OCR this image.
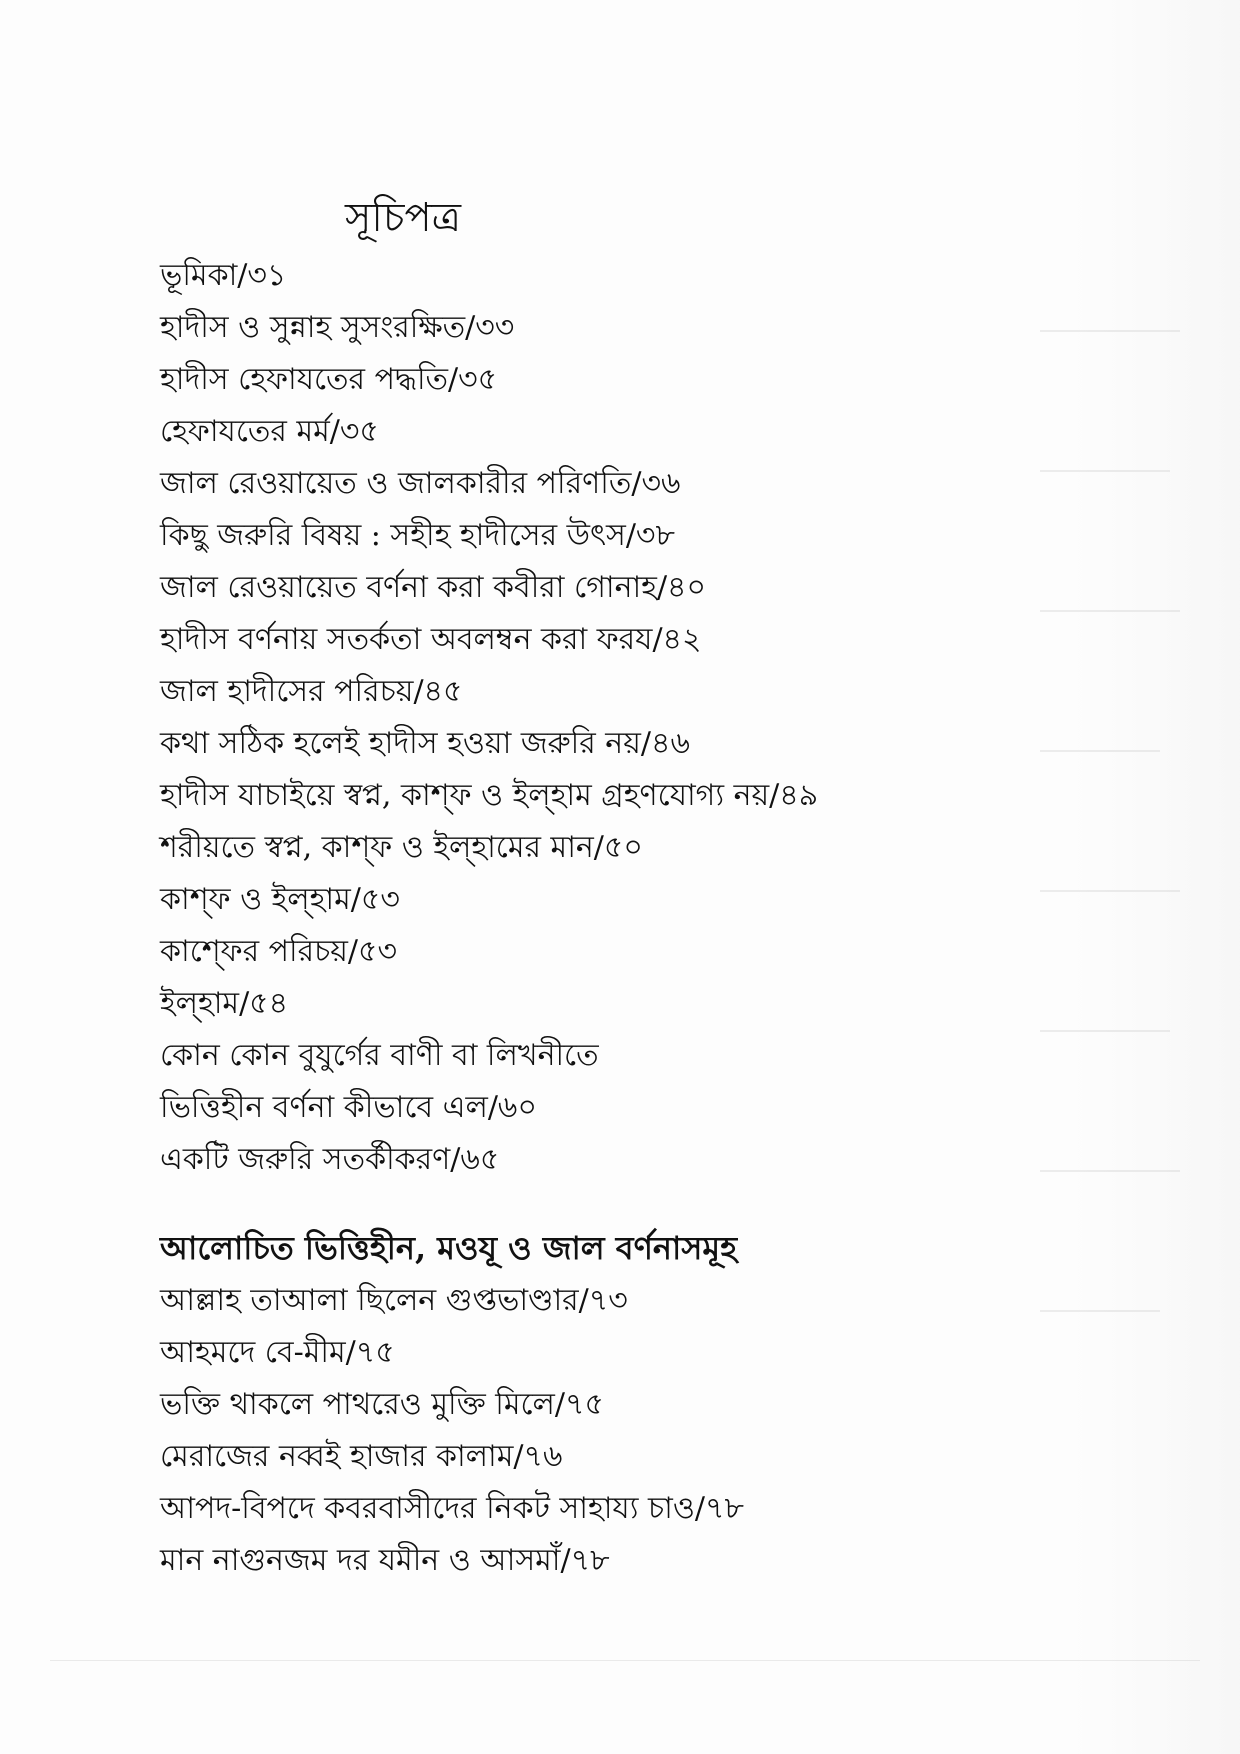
সূচিপত্র
ভূমিকা/৩১
হাদীস ও সুন্নাহ সুসংরক্ষিত/৩৩
হাদীস হেফাযতের পদ্ধতি/৩৫
হেফাযতের মর্ম/৩৫
জাল রেওয়ায়েত ও জালকারীর পরিণতি/৩৬
কিছু জরুরি বিষয় : সহীহ হাদীসের উৎস/৩৮
জাল রেওয়ায়েত বর্ণনা করা কবীরা গোনাহ/৪০
হাদীস বর্ণনায় সতর্কতা অবলম্বন করা ফরয/৪২
জাল হাদীসের পরিচয়/৪৫
কথা সঠিক হলেই হাদীস হওয়া জরুরি নয়/৪৬
হাদীস যাচাইয়ে স্বপ্ন, কাশ্ফ ও ইল্হাম গ্রহণযোগ্য নয়/৪৯
শরীয়তে স্বপ্ন, কাশ্ফ ও ইল্হামের মান/৫০
কাশ্ফ ও ইল্হাম/৫৩
কাশ্ফের পরিচয়/৫৩
ইল্হাম/৫৪
কোন কোন বুযুর্গের বাণী বা লিখনীতে
ভিত্তিহীন বর্ণনা কীভাবে এল/৬০
একটি জরুরি সতর্কীকরণ/৬৫
আলোচিত ভিত্তিহীন, মওযূ ও জাল বর্ণনাসমূহ
আল্লাহ তাআলা ছিলেন গুপ্তভাণ্ডার/৭৩
আহমদে বে-মীম/৭৫
ভক্তি থাকলে পাথরেও মুক্তি মিলে/৭৫
মেরাজের নব্বই হাজার কালাম/৭৬
আপদ-বিপদে কবরবাসীদের নিকট সাহায্য চাও/৭৮
মান নাগুনজম দর যমীন ও আসমাঁ/৭৮
